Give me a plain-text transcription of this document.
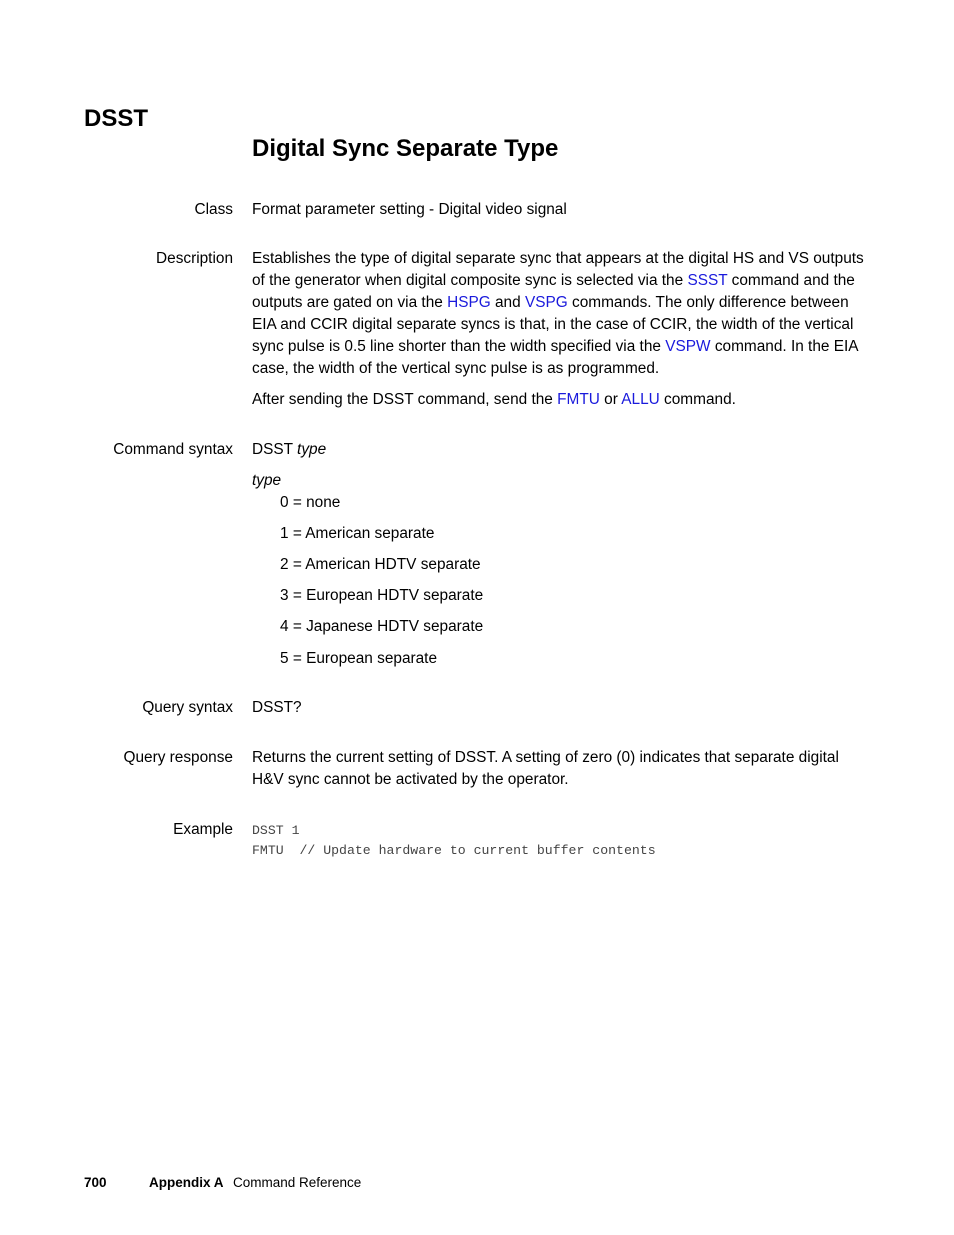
DSST
Digital Sync Separate Type
Class Format parameter setting - Digital video signal
Description Establishes the type of digital separate sync that appears at the digital HS and VS outputs of the generator when digital composite sync is selected via the SSST command and the outputs are gated on via the HSPG and VSPG commands. The only difference between EIA and CCIR digital separate syncs is that, in the case of CCIR, the width of the vertical sync pulse is 0.5 line shorter than the width specified via the VSPW command. In the EIA case, the width of the vertical sync pulse is as programmed.
After sending the DSST command, send the FMTU or ALLU command.
Command syntax DSST type
type
0 = none
1 = American separate
2 = American HDTV separate
3 = European HDTV separate
4 = Japanese HDTV separate
5 = European separate
Query syntax DSST?
Query response Returns the current setting of DSST. A setting of zero (0) indicates that separate digital H&V sync cannot be activated by the operator.
Example DSST 1
FMTU  // Update hardware to current buffer contents
700	Appendix A Command Reference
